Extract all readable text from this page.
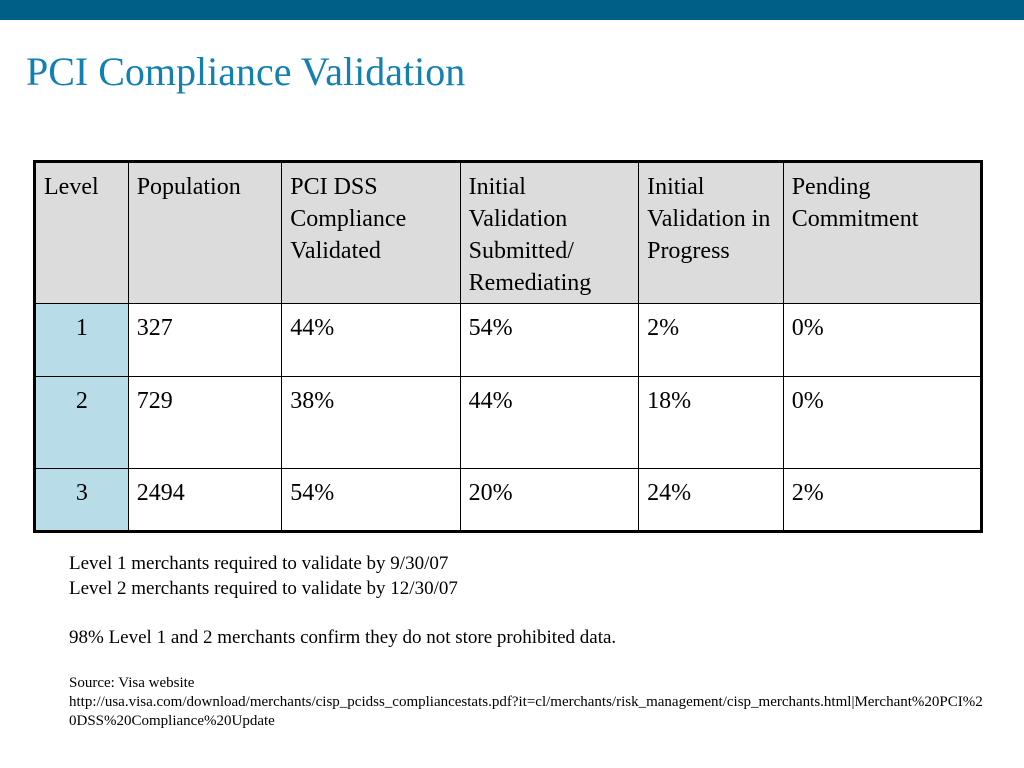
PCI Compliance Validation
Level	Population	PCI DSS Compliance Validated	Initial Validation Submitted/ Remediating	Initial Validation in Progress	Pending Commitment
1	327	44%	54%	2%	0%
2	729	38%	44%	18%	0%
3	2494	54%	20%	24%	2%
Level 1 merchants required to validate by 9/30/07
Level 2 merchants required to validate by 12/30/07
98% Level 1 and 2 merchants confirm they do not store prohibited data.
Source: Visa website
http://usa.visa.com/download/merchants/cisp_pcidss_compliancestats.pdf?it=cl/merchants/risk_management/cisp_merchants.html|Merchant%20PCI%20DSS%20Compliance%20Update
